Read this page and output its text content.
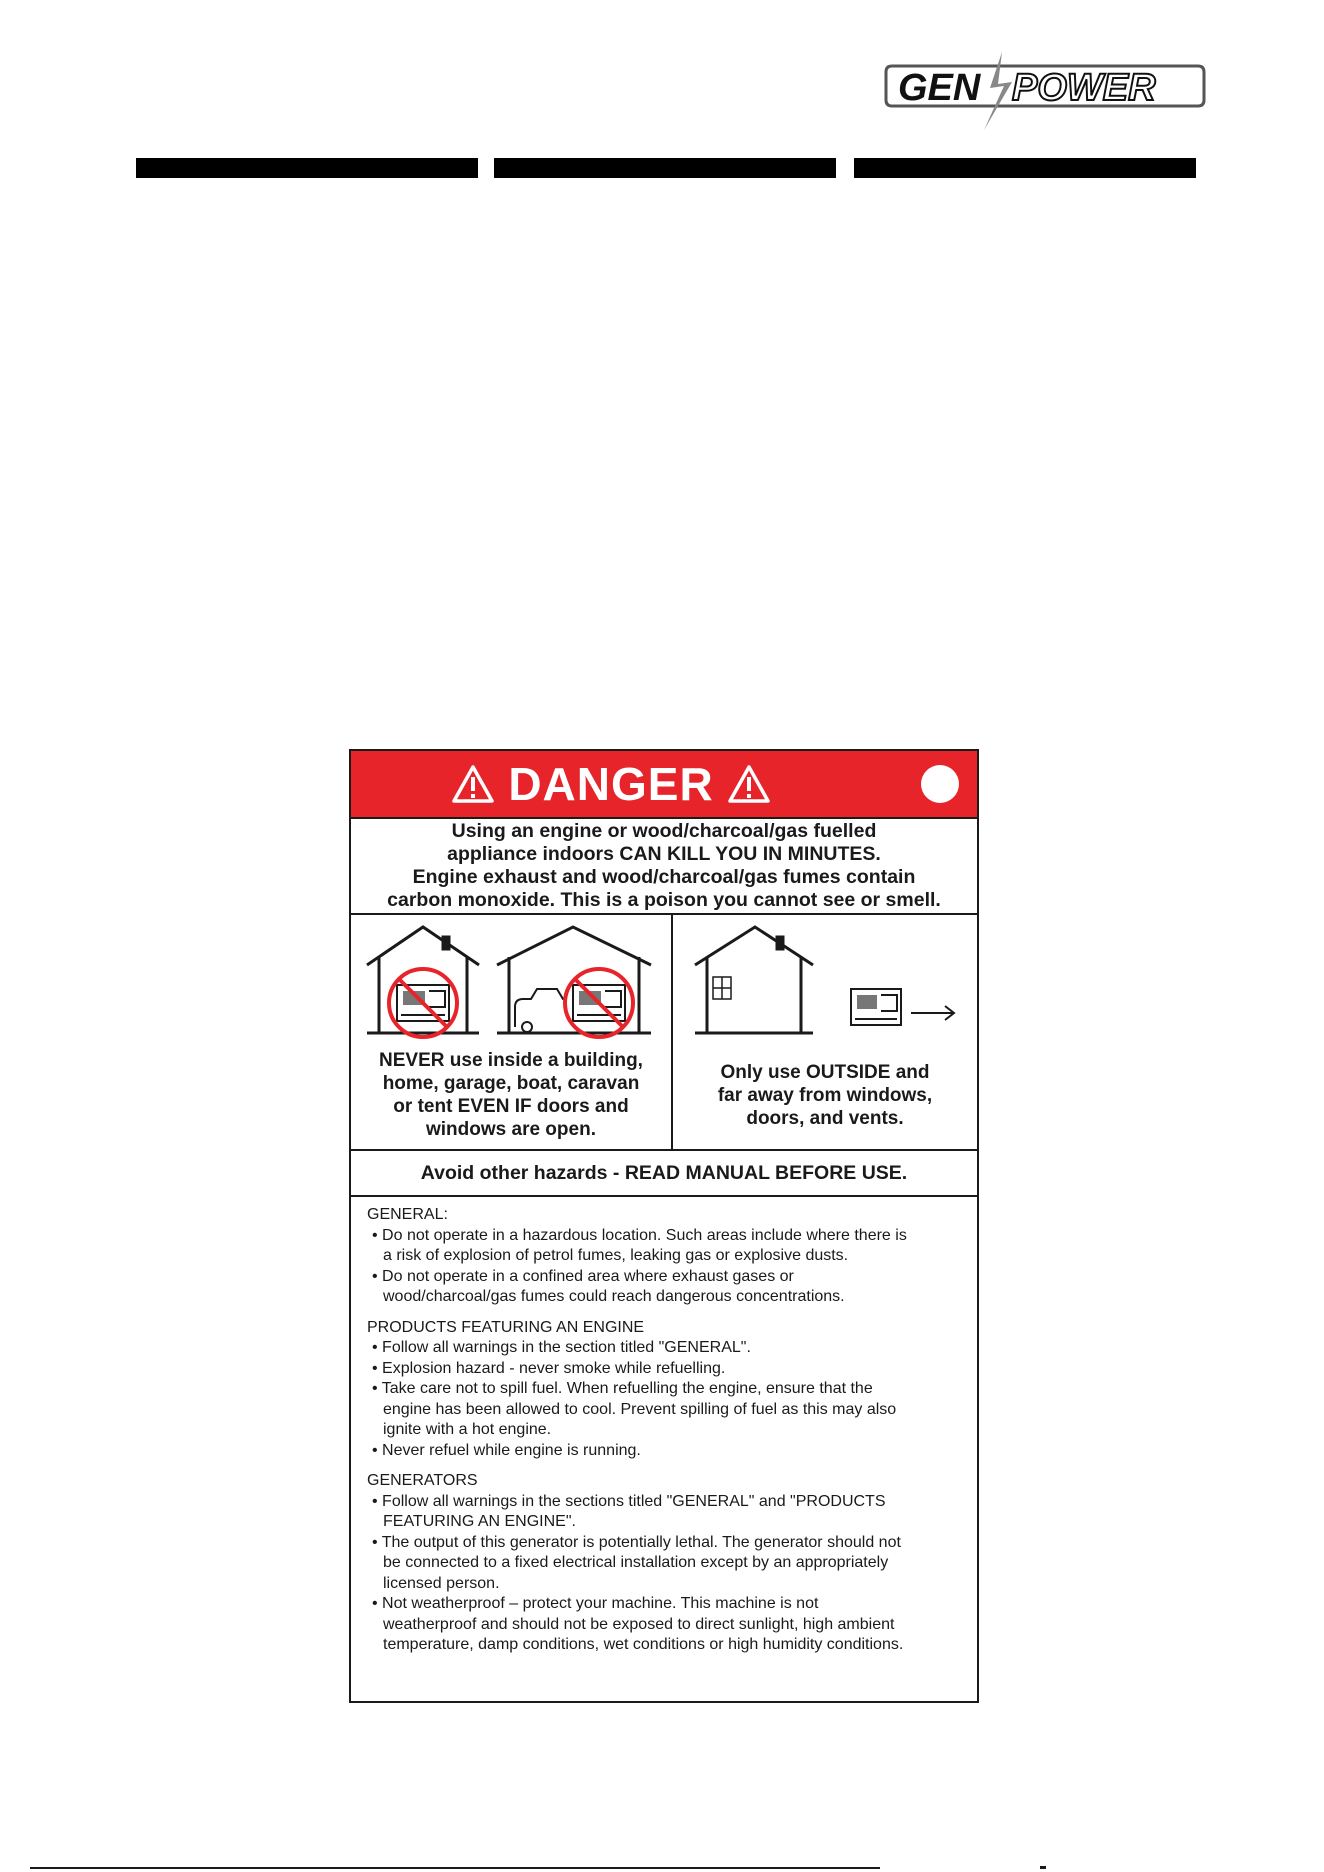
GEN POWER
DANGER

Using an engine or wood/charcoal/gas fuelled
appliance indoors CAN KILL YOU IN MINUTES.
Engine exhaust and wood/charcoal/gas fumes contain
carbon monoxide. This is a poison you cannot see or smell.

NEVER use inside a building,
home, garage, boat, caravan
or tent EVEN IF doors and
windows are open.
Only use OUTSIDE and
far away from windows,
doors, and vents.
Avoid other hazards - READ MANUAL BEFORE USE.
GENERAL:
• Do not operate in a hazardous location. Such areas include where there is
a risk of explosion of petrol fumes, leaking gas or explosive dusts.
• Do not operate in a confined area where exhaust gases or
wood/charcoal/gas fumes could reach dangerous concentrations.
PRODUCTS FEATURING AN ENGINE
• Follow all warnings in the section titled "GENERAL".
• Explosion hazard - never smoke while refuelling.
• Take care not to spill fuel. When refuelling the engine, ensure that the
engine has been allowed to cool. Prevent spilling of fuel as this may also
ignite with a hot engine.
• Never refuel while engine is running.
GENERATORS
• Follow all warnings in the sections titled "GENERAL" and "PRODUCTS
FEATURING AN ENGINE".
• The output of this generator is potentially lethal. The generator should not
be connected to a fixed electrical installation except by an appropriately
licensed person.
• Not weatherproof – protect your machine. This machine is not
weatherproof and should not be exposed to direct sunlight, high ambient
temperature, damp conditions, wet conditions or high humidity conditions.
